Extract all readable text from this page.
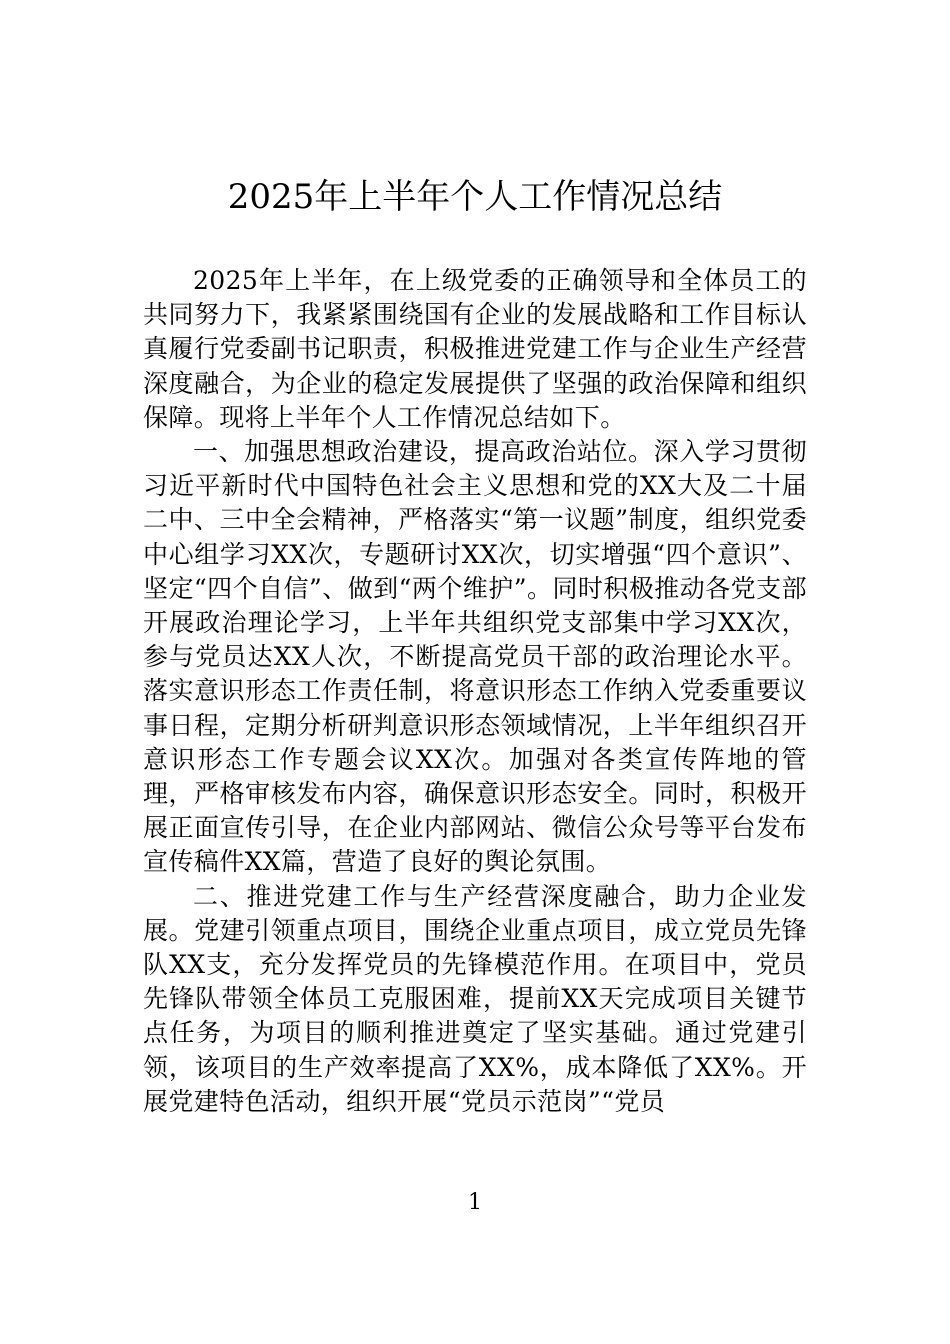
2025年上半年个人工作情况总结

2025年上半年，在上级党委的正确领导和全体员工的共同努力下，我紧紧围绕国有企业的发展战略和工作目标认真履行党委副书记职责，积极推进党建工作与企业生产经营深度融合，为企业的稳定发展提供了坚强的政治保障和组织保障。现将上半年个人工作情况总结如下。

一、加强思想政治建设，提高政治站位。深入学习贯彻习近平新时代中国特色社会主义思想和党的XX大及二十届二中、三中全会精神，严格落实“第一议题”制度，组织党委中心组学习XX次，专题研讨XX次，切实增强“四个意识”、坚定“四个自信”、做到“两个维护”。同时积极推动各党支部开展政治理论学习，上半年共组织党支部集中学习XX次，参与党员达XX人次，不断提高党员干部的政治理论水平。落实意识形态工作责任制，将意识形态工作纳入党委重要议事日程，定期分析研判意识形态领域情况，上半年组织召开意识形态工作专题会议XX次。加强对各类宣传阵地的管理，严格审核发布内容，确保意识形态安全。同时，积极开展正面宣传引导，在企业内部网站、微信公众号等平台发布宣传稿件XX篇，营造了良好的舆论氛围。

二、推进党建工作与生产经营深度融合，助力企业发展。党建引领重点项目，围绕企业重点项目，成立党员先锋队XX支，充分发挥党员的先锋模范作用。在项目中，党员先锋队带领全体员工克服困难，提前XX天完成项目关键节点任务，为项目的顺利推进奠定了坚实基础。通过党建引领，该项目的生产效率提高了XX%，成本降低了XX%。开展党建特色活动，组织开展“党员示范岗”“党员

1
